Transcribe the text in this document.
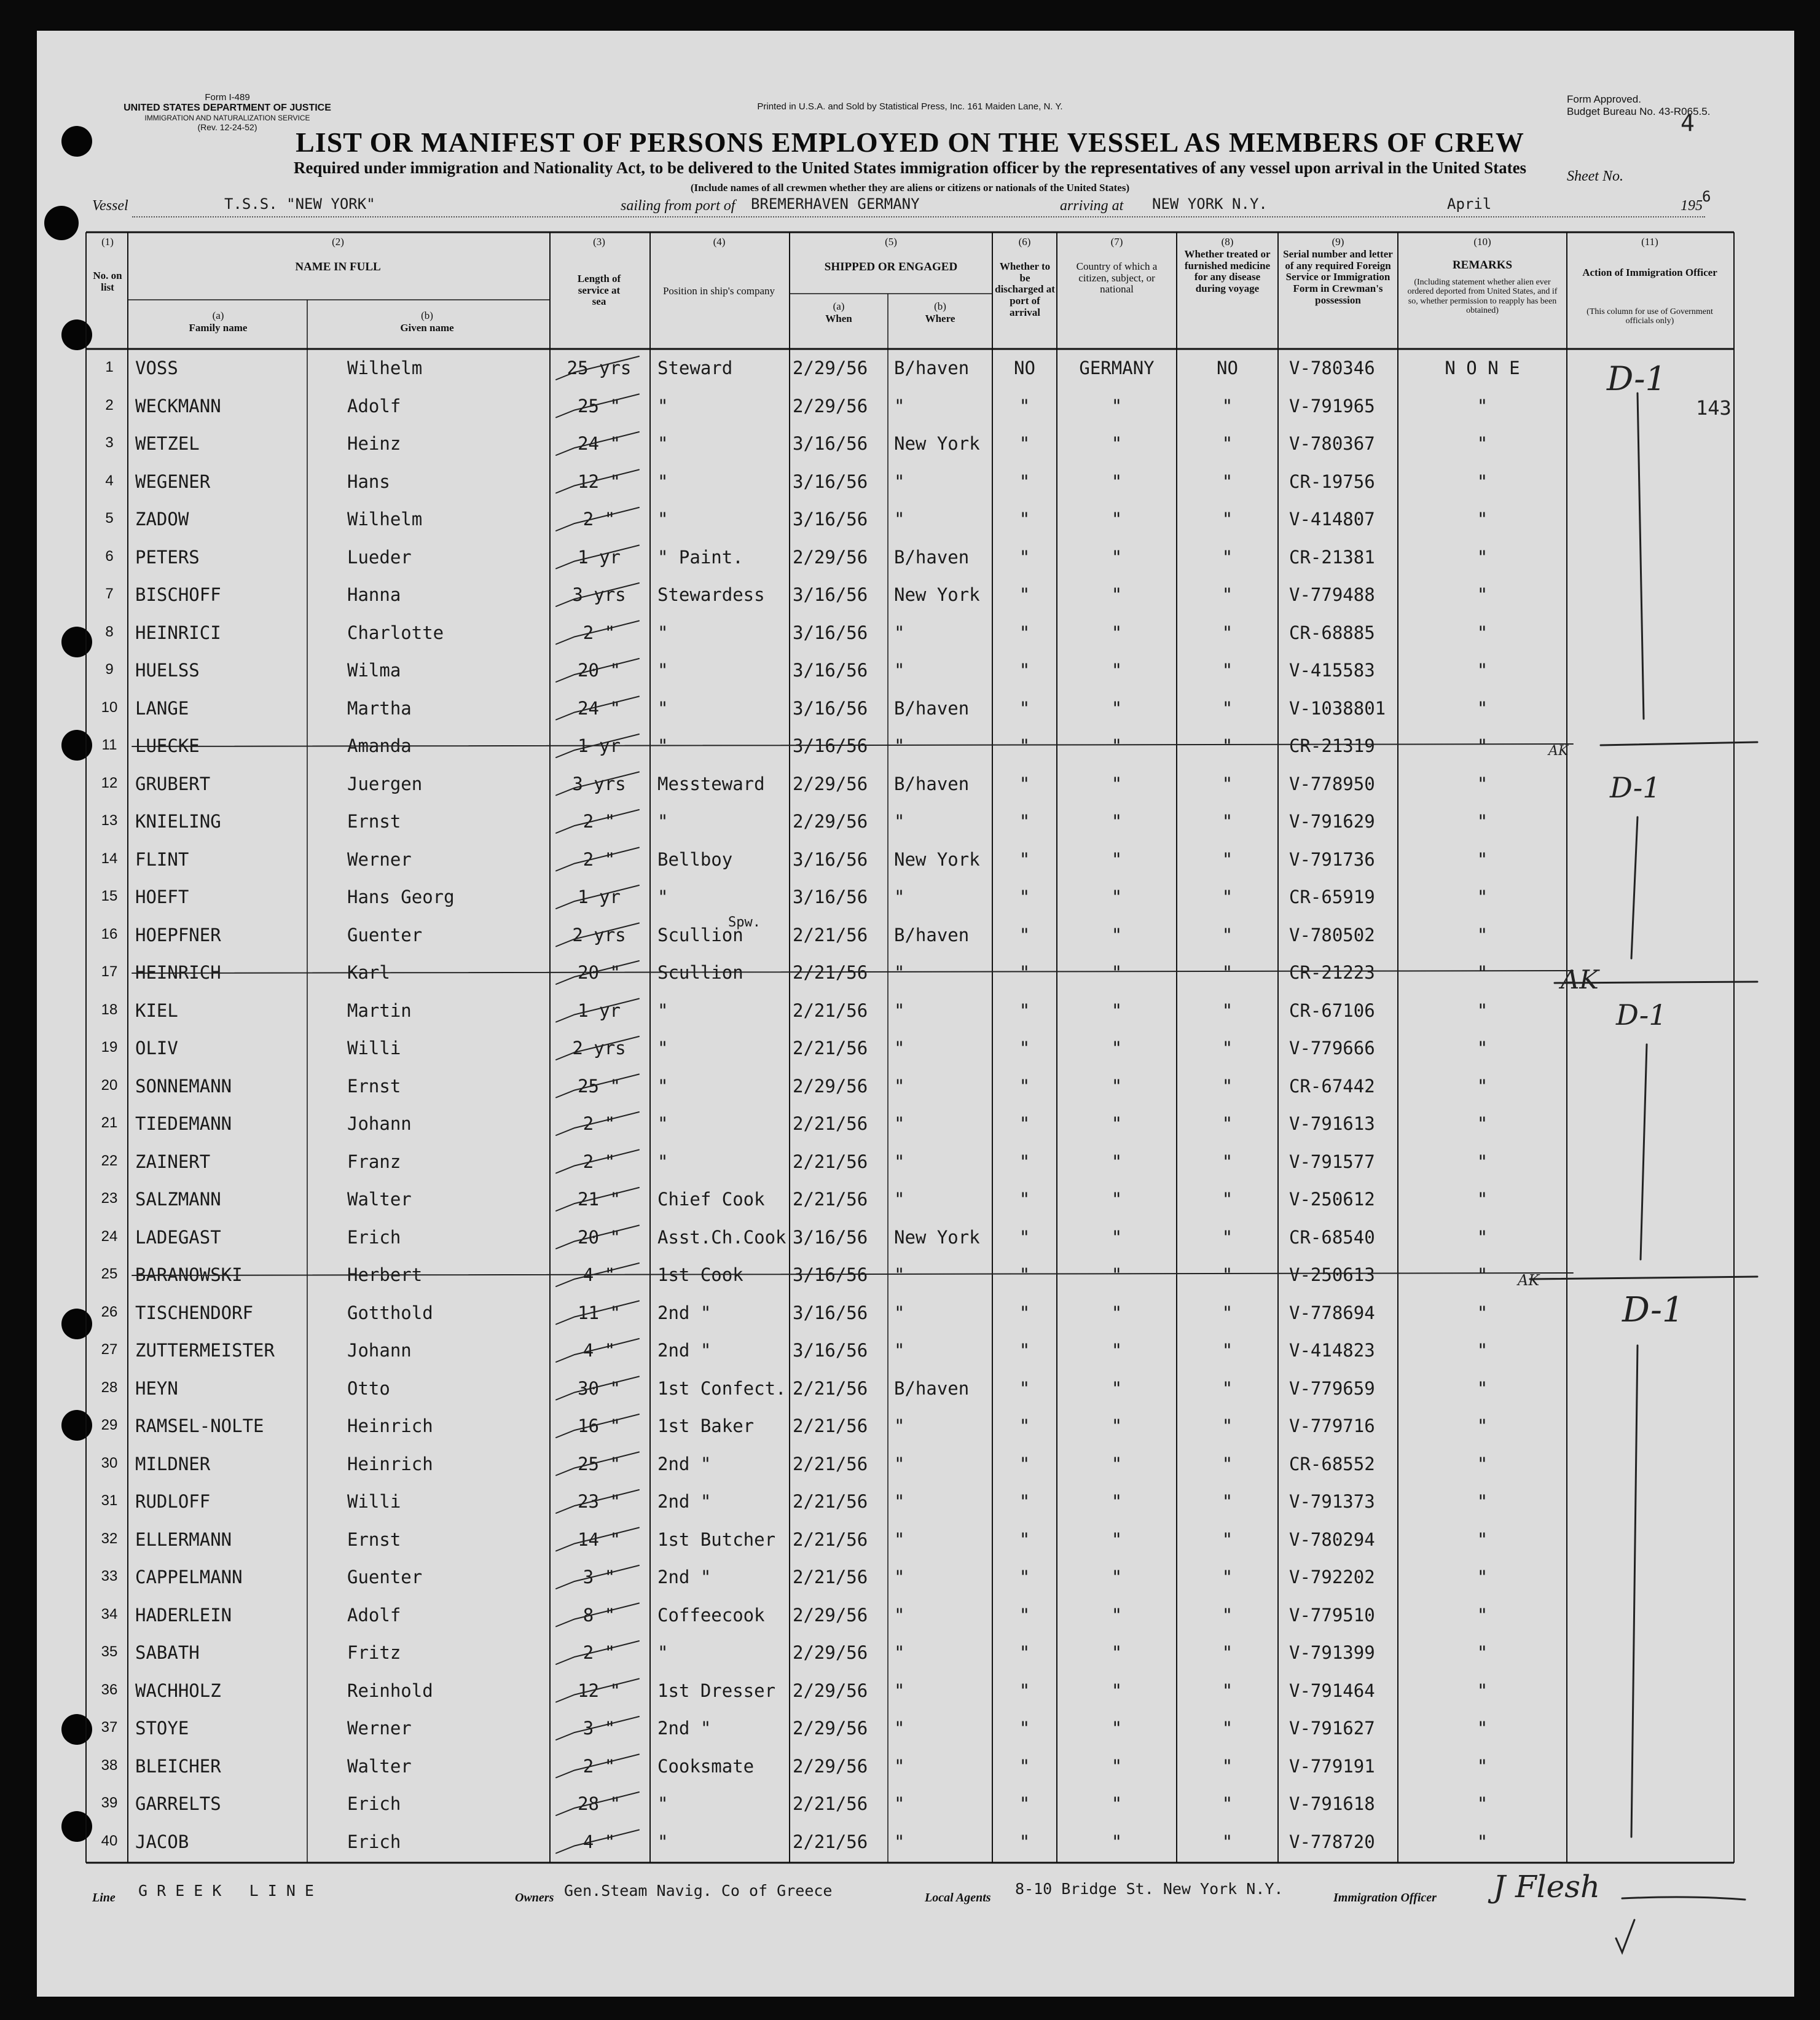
Form I-489
UNITED STATES DEPARTMENT OF JUSTICE
IMMIGRATION AND NATURALIZATION SERVICE
(Rev. 12-24-52)
Printed in U.S.A. and Sold by Statistical Press, Inc. 161 Maiden Lane, N. Y.
Form Approved.
Budget Bureau No. 43-R065.5.
LIST OR MANIFEST OF PERSONS EMPLOYED ON THE VESSEL AS MEMBERS OF CREW
Sheet No.
4
Required under immigration and Nationality Act, to be delivered to the United States immigration officer by the representatives of any vessel upon arrival in the United States
(Include names of all crewmen whether they are aliens or citizens or nationals of the United States)
Vessel	T.S.S. "NEW YORK"	sailing from port of BREMERHAVEN GERMANY	arriving at NEW YORK N.Y.	April	195
6
(1)
No. on list
(2)
NAME IN FULL
(a)
Family name
(b)
Given name
(3)
Length of service at sea
(4)
Position in ship's company
(5)
SHIPPED OR ENGAGED
(a)
When
(b)
Where
(6)
Whether to be discharged at port of arrival
(7)
Country of which a citizen, subject, or national
(8)
Whether treated or furnished medicine for any disease during voyage
(9)
Serial number and letter of any required Foreign Service or Immigration Form in Crewman's possession
(10)
REMARKS
(Including statement whether alien ever ordered deported from United States, and if so, whether permission to reapply has been obtained)
(11)
Action of Immigration Officer
(This column for use of Government officials only)
1	VOSS	Wilhelm	25 yrs	Steward	2/29/56 B/haven	NO	GERMANY	NO	V-780346	N O N E
2	WECKMANN	Adolf	25 "	"	2/29/56 "	"	"	"	V-791965	"
3	WETZEL	Heinz	24 "	"	3/16/56 New York	"	"	"	V-780367	"
4	WEGENER	Hans	12 "	"	3/16/56 "	"	"	"	CR-19756	"
5	ZADOW	Wilhelm	2 "	"	3/16/56 "	"	"	"	V-414807	"
6	PETERS	Lueder	1 yr	" Paint.	2/29/56 B/haven	"	"	"	CR-21381	"
7	BISCHOFF	Hanna	3 yrs	Stewardess 3/16/56 New York	"	"	"	V-779488	"
8	HEINRICI	Charlotte	2 "	"	3/16/56 "	"	"	"	CR-68885	"
9	HUELSS	Wilma	20 "	"	3/16/56 "	"	"	"	V-415583	"
10 LANGE	Martha	24 "	"	3/16/56 B/haven	"	"	"	V-1038801	"
11	LUECKE	Amanda	1 yr	"	3/16/56 "	"	"	"	CR-21319	"
12 GRUBERT	Juergen	3 yrs	Messteward 2/29/56 B/haven	"	"	"	V-778950	"
13 KNIELING	Ernst	2 "	"	2/29/56 "	"	"	"	V-791629	"
14 FLINT	Werner	2 "	Bellboy	3/16/56 New York	"	"	"	V-791736	"
15 HOEFT	Hans Georg	1 yr	"	3/16/56 "	"	"	"	CR-65919	"
16 HOEPFNER	Guenter	2 yrs	Scullion	2/21/56 B/haven	"	"	"	V-780502	"
Spw.
17 HEINRICH	Karl	20 "	Scullion	2/21/56 "	"	"	"	CR-21223	"
18 KIEL	Martin	1 yr	"	2/21/56 "	"	"	"	CR-67106	"
19 OLIV	Willi	2 yrs	"	2/21/56 "	"	"	"	V-779666	"
20 SONNEMANN	Ernst	25 "	"	2/29/56 "	"	"	"	CR-67442	"
21 TIEDEMANN	Johann	2 "	"	2/21/56 "	"	"	"	V-791613	"
22 ZAINERT	Franz	2 "	"	2/21/56 "	"	"	"	V-791577	"
23 SALZMANN	Walter	21 "	Chief Cook 2/21/56 "	"	"	"	V-250612	"
24 LADEGAST	Erich	20 "	Asst.Ch.Cook 3/16/56 New York	"	"	"	CR-68540	"
25 BARANOWSKI	Herbert	4 "	1st Cook	3/16/56 "	"	"	"	V-250613	"
26 TISCHENDORF	Gotthold	11 "	2nd "	3/16/56 "	"	"	"	V-778694	"
27 ZUTTERMEISTER	Johann	4 "	2nd "	3/16/56 "	"	"	"	V-414823	"
28 HEYN	Otto	30 "	1st Confect. 2/21/56 B/haven	"	"	"	V-779659	"
29 RAMSEL-NOLTE	Heinrich	16 "	1st Baker 2/21/56 "	"	"	"	V-779716	"
30 MILDNER	Heinrich	25 "	2nd "	2/21/56 "	"	"	"	CR-68552	"
31 RUDLOFF	Willi	23 "	2nd "	2/21/56 "	"	"	"	V-791373	"
32 ELLERMANN	Ernst	14 "	1st Butcher 2/21/56 "	"	"	"	V-780294	"
33 CAPPELMANN	Guenter	3 "	2nd "	2/21/56 "	"	"	"	V-792202	"
34 HADERLEIN	Adolf	8 "	Coffeecook 2/29/56 "	"	"	"	V-779510	"
35 SABATH	Fritz	2 "	"	2/29/56 "	"	"	"	V-791399	"
36 WACHHOLZ	Reinhold	12 "	1st Dresser 2/29/56 "	"	"	"	V-791464	"
37 STOYE	Werner	3 "	2nd "	2/29/56 "	"	"	"	V-791627	"
38 BLEICHER	Walter	2 "	Cooksmate 2/29/56 "	"	"	"	V-779191	"
39 GARRELTS	Erich	28 "	"	2/21/56 "	"	"	"	V-791618	"
40 JACOB	Erich	4 "	"	2/21/56 "	"	"	"	V-778720	"
D-1
143
D-1
D-1
D-1
AK
AK
AK
Line G R E E K   L I N E	Owners Gen.Steam Navig. Co of Greece	Local Agents 8-10 Bridge St. New York N.Y.	Immigration Officer J Flesh
